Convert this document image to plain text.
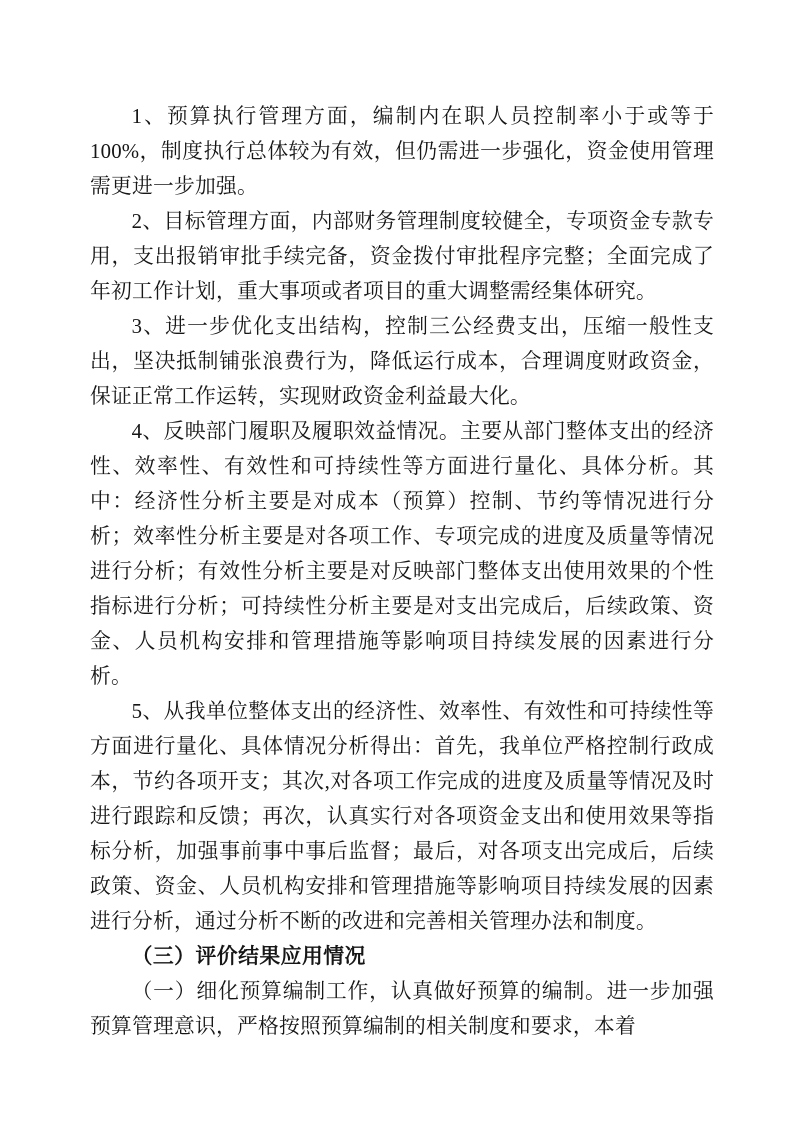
1、预算执行管理方面，编制内在职人员控制率小于或等于 100%，制度执行总体较为有效，但仍需进一步强化，资金使用管理需更进一步加强。

2、目标管理方面，内部财务管理制度较健全，专项资金专款专用，支出报销审批手续完备，资金拨付审批程序完整；全面完成了年初工作计划，重大事项或者项目的重大调整需经集体研究。

3、进一步优化支出结构，控制三公经费支出，压缩一般性支出，坚决抵制铺张浪费行为，降低运行成本，合理调度财政资金，保证正常工作运转，实现财政资金利益最大化。

4、反映部门履职及履职效益情况。主要从部门整体支出的经济性、效率性、有效性和可持续性等方面进行量化、具体分析。其中：经济性分析主要是对成本（预算）控制、节约等情况进行分析；效率性分析主要是对各项工作、专项完成的进度及质量等情况进行分析；有效性分析主要是对反映部门整体支出使用效果的个性指标进行分析；可持续性分析主要是对支出完成后，后续政策、资金、人员机构安排和管理措施等影响项目持续发展的因素进行分析。

5、从我单位整体支出的经济性、效率性、有效性和可持续性等方面进行量化、具体情况分析得出：首先，我单位严格控制行政成本，节约各项开支；其次,对各项工作完成的进度及质量等情况及时进行跟踪和反馈；再次，认真实行对各项资金支出和使用效果等指标分析，加强事前事中事后监督；最后，对各项支出完成后，后续政策、资金、人员机构安排和管理措施等影响项目持续发展的因素进行分析，通过分析不断的改进和完善相关管理办法和制度。

（三）评价结果应用情况

（一）细化预算编制工作，认真做好预算的编制。进一步加强预算管理意识，严格按照预算编制的相关制度和要求，本着
